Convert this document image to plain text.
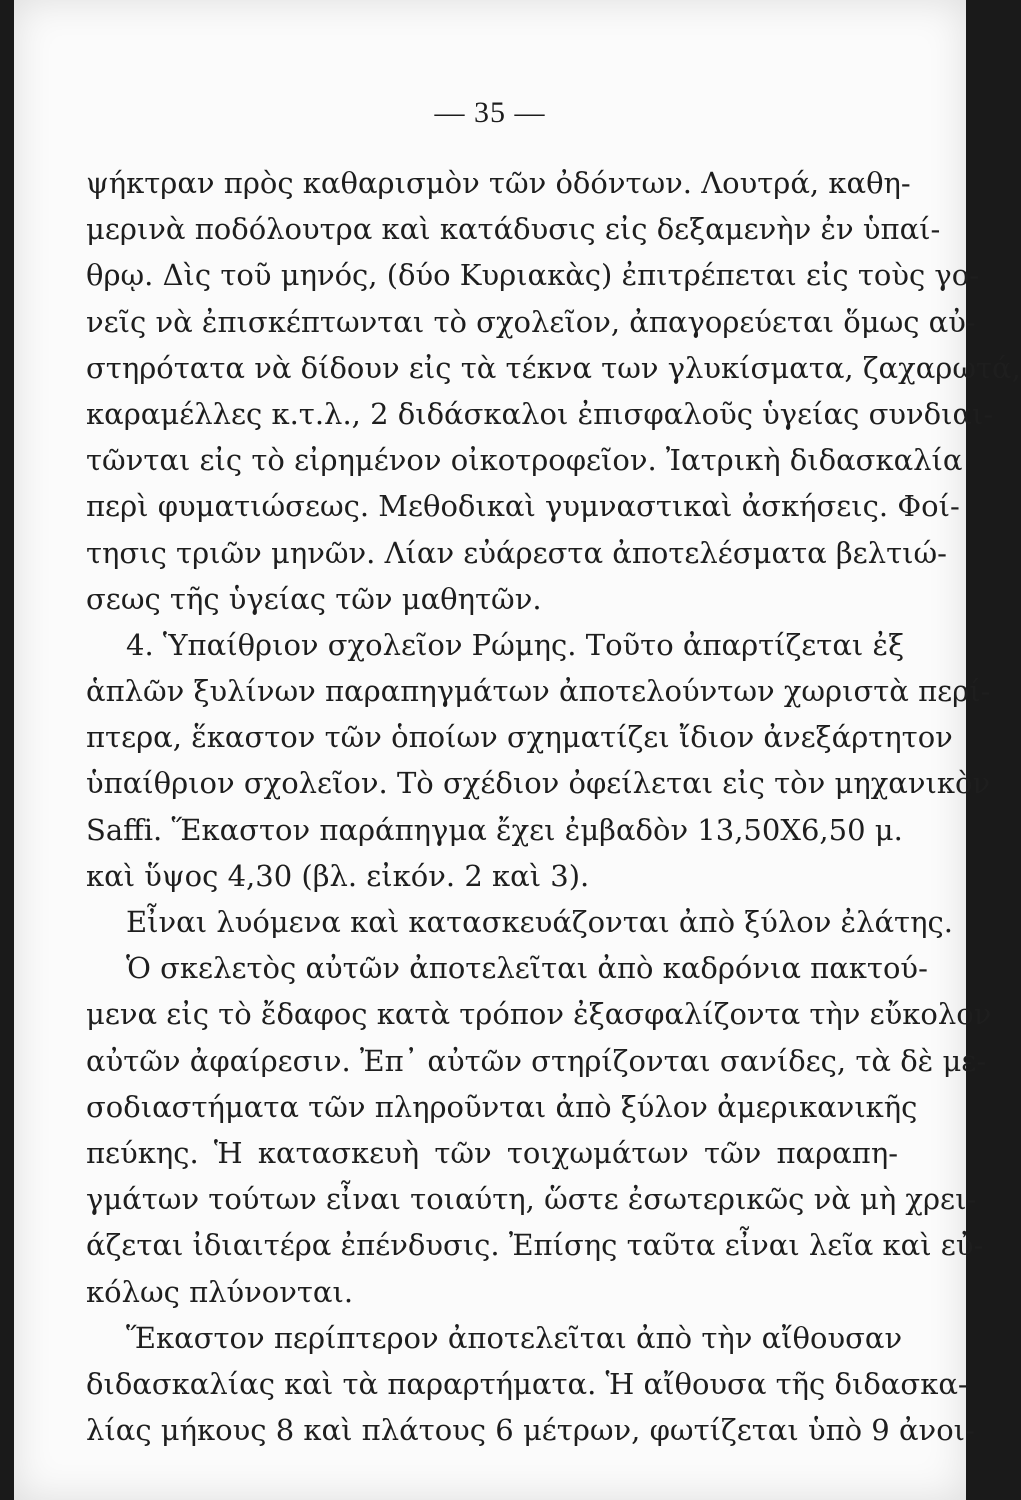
— 35 —
ψήκτραν πρὸς καθαρισμὸν τῶν ὀδόντων. Λουτρά, καθη-
μερινὰ ποδόλουτρα καὶ κατάδυσις εἰς δεξαμενὴν ἐν ὑπαί-
θρῳ. Δὶς τοῦ μηνός, (δύο Κυριακὰς) ἐπιτρέπεται εἰς τοὺς γο-
νεῖς νὰ ἐπισκέπτωνται τὸ σχολεῖον, ἀπαγορεύεται ὅμως αὐ-
στηρότατα νὰ δίδουν εἰς τὰ τέκνα των γλυκίσματα, ζαχαρωτά,
καραμέλλες κ.τ.λ., 2 διδάσκαλοι ἐπισφαλοῦς ὑγείας συνδιαι-
τῶνται εἰς τὸ εἰρημένον οἰκοτροφεῖον. Ἰατρικὴ διδασκαλία
περὶ φυματιώσεως. Μεθοδικαὶ γυμναστικαὶ ἀσκήσεις. Φοί-
τησις τριῶν μηνῶν. Λίαν εὐάρεστα ἀποτελέσματα βελτιώ-
σεως τῆς ὑγείας τῶν μαθητῶν.
4. Ὑπαίθριον σχολεῖον Ρώμης. Τοῦτο ἀπαρτίζεται ἐξ
ἁπλῶν ξυλίνων παραπηγμάτων ἀποτελούντων χωριστὰ περί-
πτερα, ἕκαστον τῶν ὁποίων σχηματίζει ἴδιον ἀνεξάρτητον
ὑπαίθριον σχολεῖον. Τὸ σχέδιον ὀφείλεται εἰς τὸν μηχανικὸν
Saffi. Ἕκαστον παράπηγμα ἔχει ἐμβαδὸν 13,50X6,50 μ.
καὶ ὕψος 4,30 (βλ. εἰκόν. 2 καὶ 3).
Εἶναι λυόμενα καὶ κατασκευάζονται ἀπὸ ξύλον ἐλάτης.
Ὁ σκελετὸς αὐτῶν ἀποτελεῖται ἀπὸ καδρόνια πακτού-
μενα εἰς τὸ ἔδαφος κατὰ τρόπον ἐξασφαλίζοντα τὴν εὔκολον
αὐτῶν ἀφαίρεσιν. Ἐπ᾽ αὐτῶν στηρίζονται σανίδες, τὰ δὲ με-
σοδιαστήματα τῶν πληροῦνται ἀπὸ ξύλον ἀμερικανικῆς
πεύκης. Ἡ κατασκευὴ τῶν τοιχωμάτων τῶν παραπη-
γμάτων τούτων εἶναι τοιαύτη, ὥστε ἐσωτερικῶς νὰ μὴ χρει-
άζεται ἰδιαιτέρα ἐπένδυσις. Ἐπίσης ταῦτα εἶναι λεῖα καὶ εὐ-
κόλως πλύνονται.
Ἕκαστον περίπτερον ἀποτελεῖται ἀπὸ τὴν αἴθουσαν
διδασκαλίας καὶ τὰ παραρτήματα. Ἡ αἴθουσα τῆς διδασκα-
λίας μήκους 8 καὶ πλάτους 6 μέτρων, φωτίζεται ὑπὸ 9 ἀνοι-
